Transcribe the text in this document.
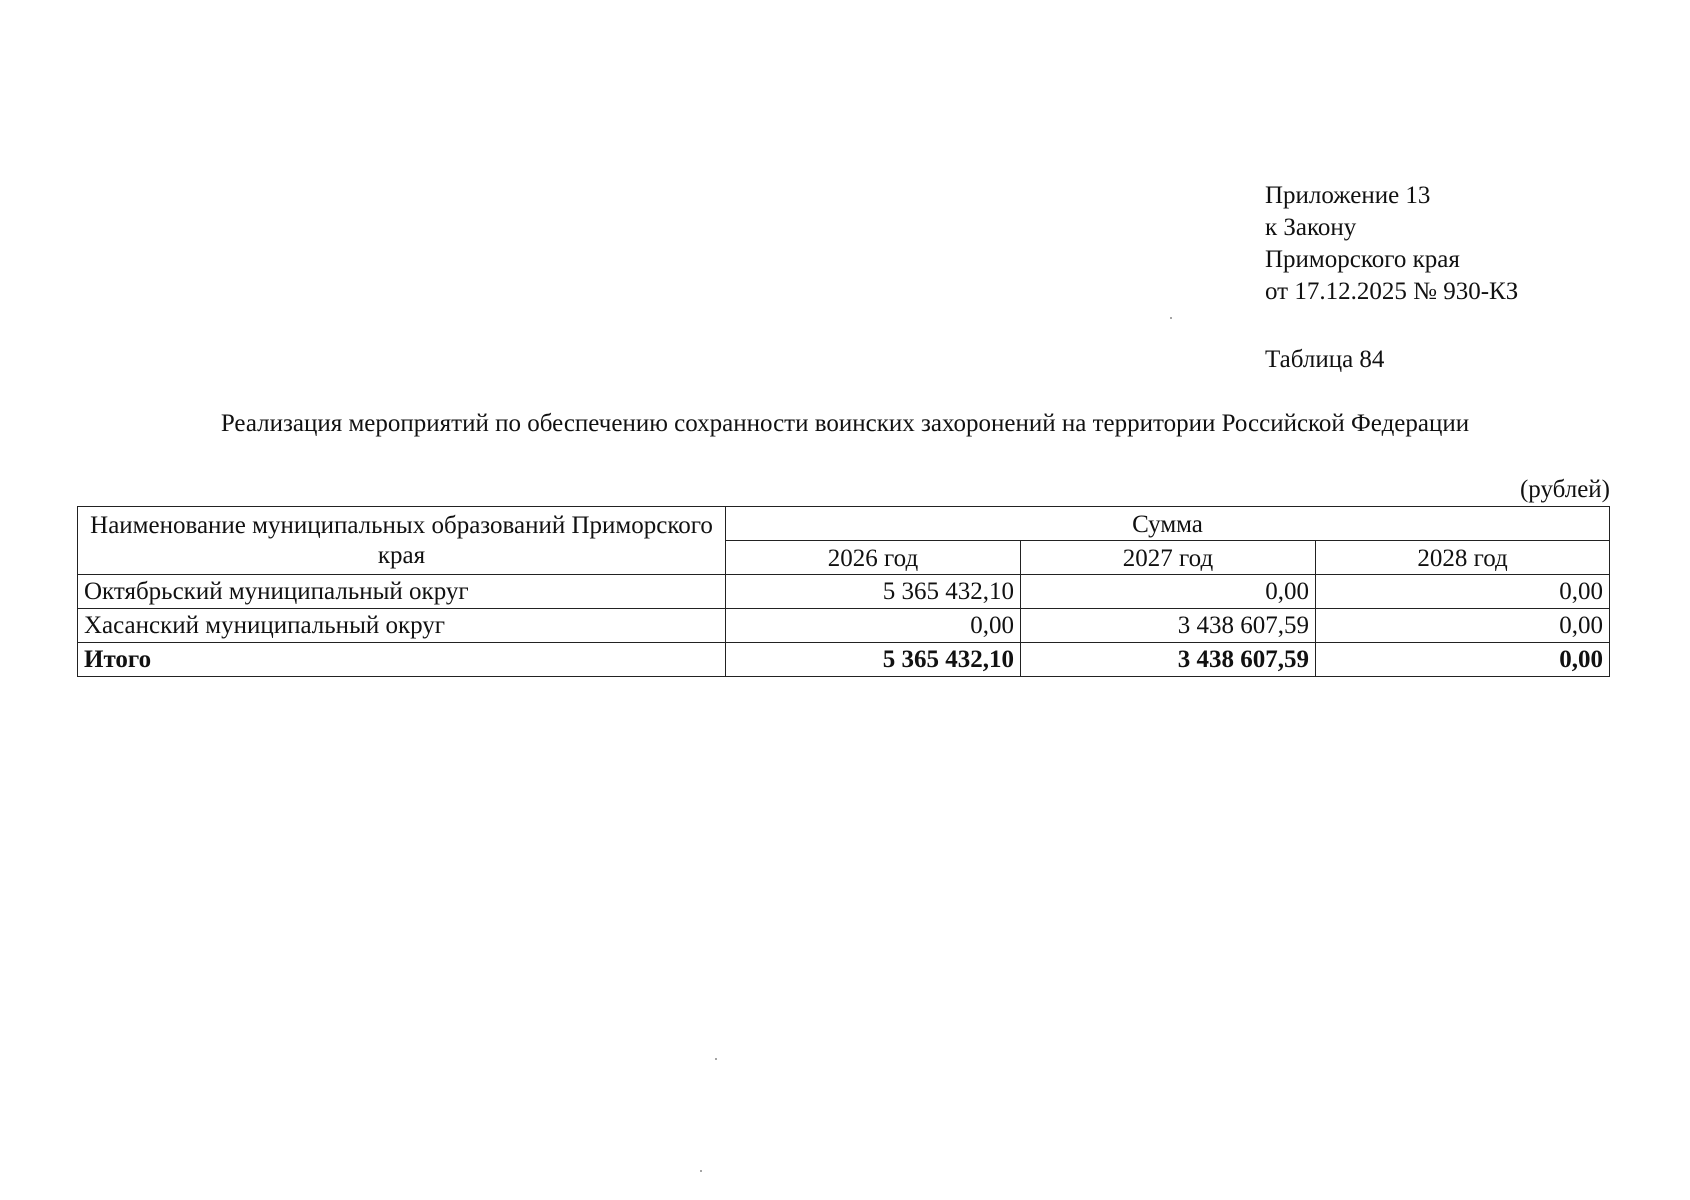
Приложение 13
к Закону
Приморского края
от 17.12.2025 № 930-КЗ
Таблица 84
Реализация мероприятий по обеспечению сохранности воинских захоронений на территории Российской Федерации
(рублей)
Наименование муниципальных образований Приморского края	Сумма		
	2026 год	2027 год	2028 год
Октябрьский муниципальный округ	5 365 432,10	0,00	0,00
Хасанский муниципальный округ	0,00	3 438 607,59	0,00
Итого	5 365 432,10	3 438 607,59	0,00
